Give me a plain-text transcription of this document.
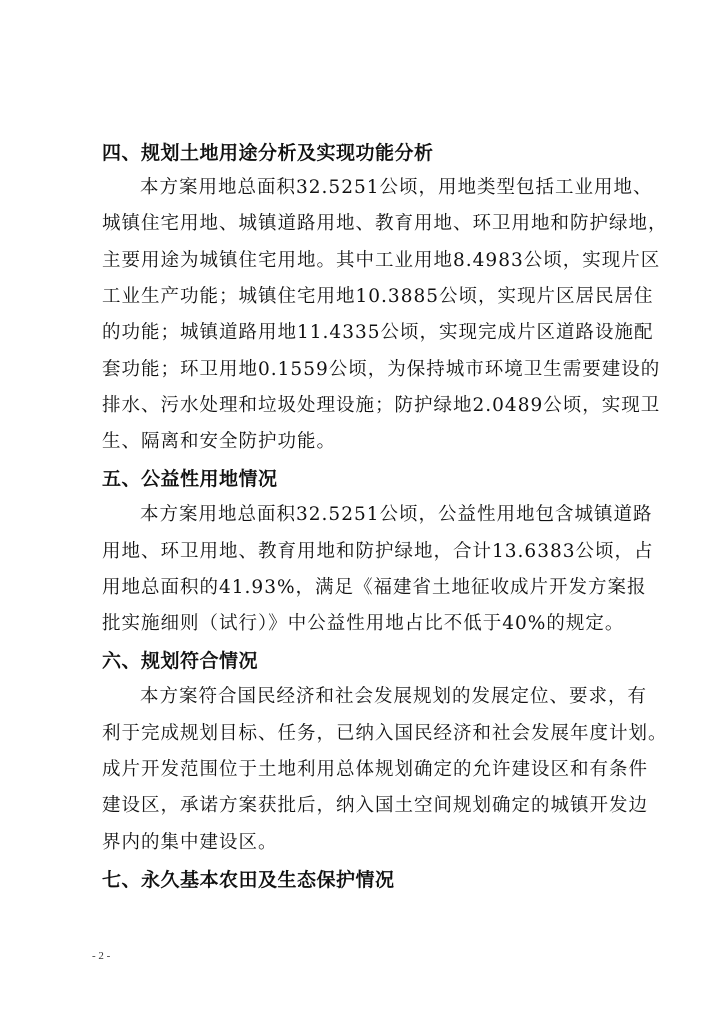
四、规划土地用途分析及实现功能分析
本方案用地总面积32.5251公顷，用地类型包括工业用地、
城镇住宅用地、城镇道路用地、教育用地、环卫用地和防护绿地，
主要用途为城镇住宅用地。其中工业用地8.4983公顷，实现片区
工业生产功能；城镇住宅用地10.3885公顷，实现片区居民居住
的功能；城镇道路用地11.4335公顷，实现完成片区道路设施配
套功能；环卫用地0.1559公顷，为保持城市环境卫生需要建设的
排水、污水处理和垃圾处理设施；防护绿地2.0489公顷，实现卫
生、隔离和安全防护功能。
五、公益性用地情况
本方案用地总面积32.5251公顷，公益性用地包含城镇道路
用地、环卫用地、教育用地和防护绿地，合计13.6383公顷，占
用地总面积的41.93%，满足《福建省土地征收成片开发方案报
批实施细则（试行）》中公益性用地占比不低于40%的规定。
六、规划符合情况
本方案符合国民经济和社会发展规划的发展定位、要求，有
利于完成规划目标、任务，已纳入国民经济和社会发展年度计划。
成片开发范围位于土地利用总体规划确定的允许建设区和有条件
建设区，承诺方案获批后，纳入国土空间规划确定的城镇开发边
界内的集中建设区。
七、永久基本农田及生态保护情况
- 2 -
